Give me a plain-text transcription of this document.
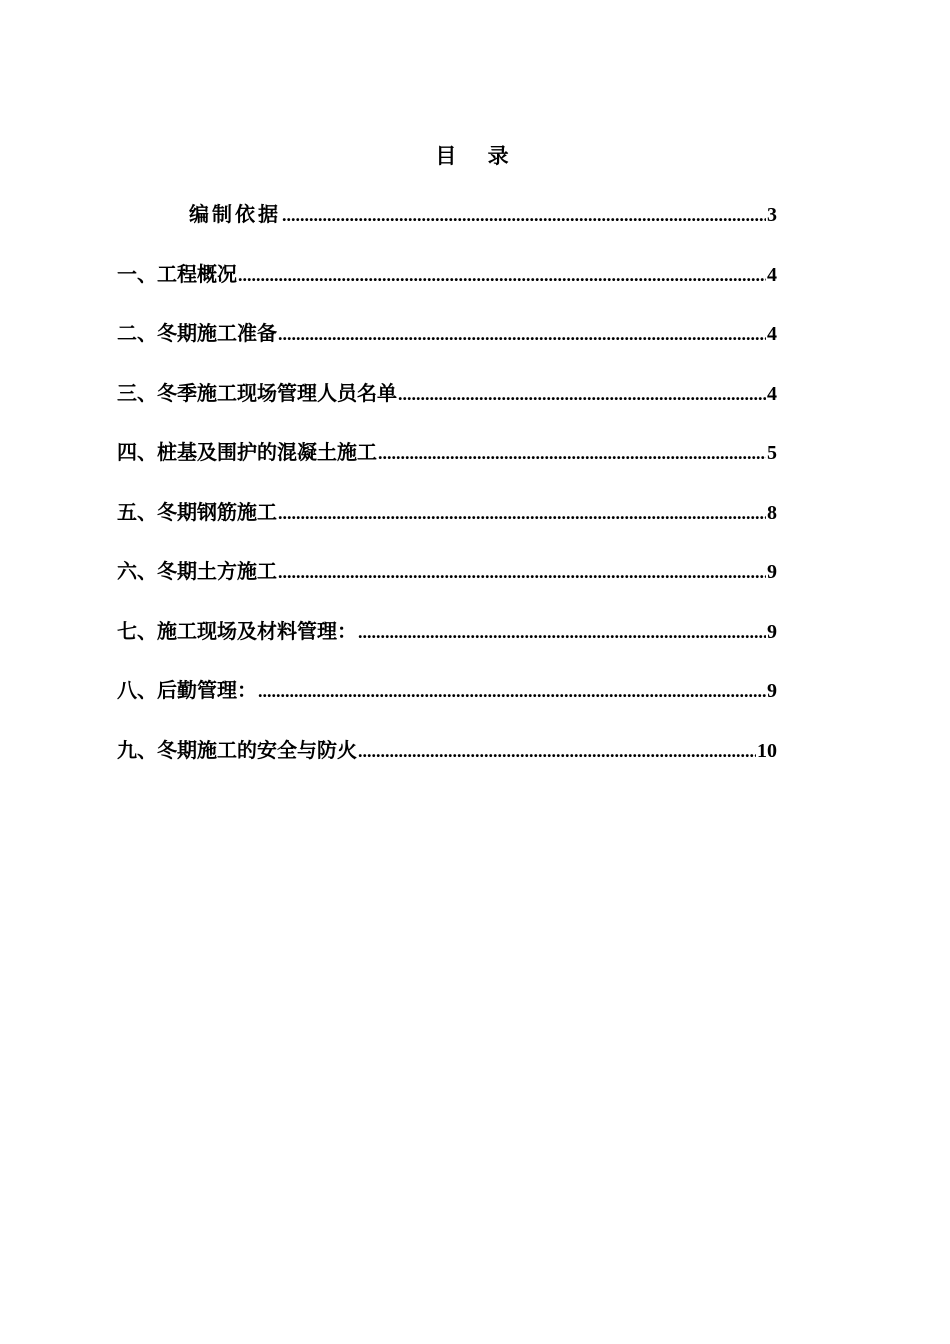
目 录
编制依据 .....	3
一、工程概况 .....	4
二、冬期施工准备 .....	4
三、冬季施工现场管理人员名单 .....	4
四、桩基及围护的混凝土施工 .....	5
五、冬期钢筋施工 .....	8
六、冬期土方施工 .....	9
七、施工现场及材料管理： .....	9
八、后勤管理： .....	9
九、冬期施工的安全与防火 .....	10
